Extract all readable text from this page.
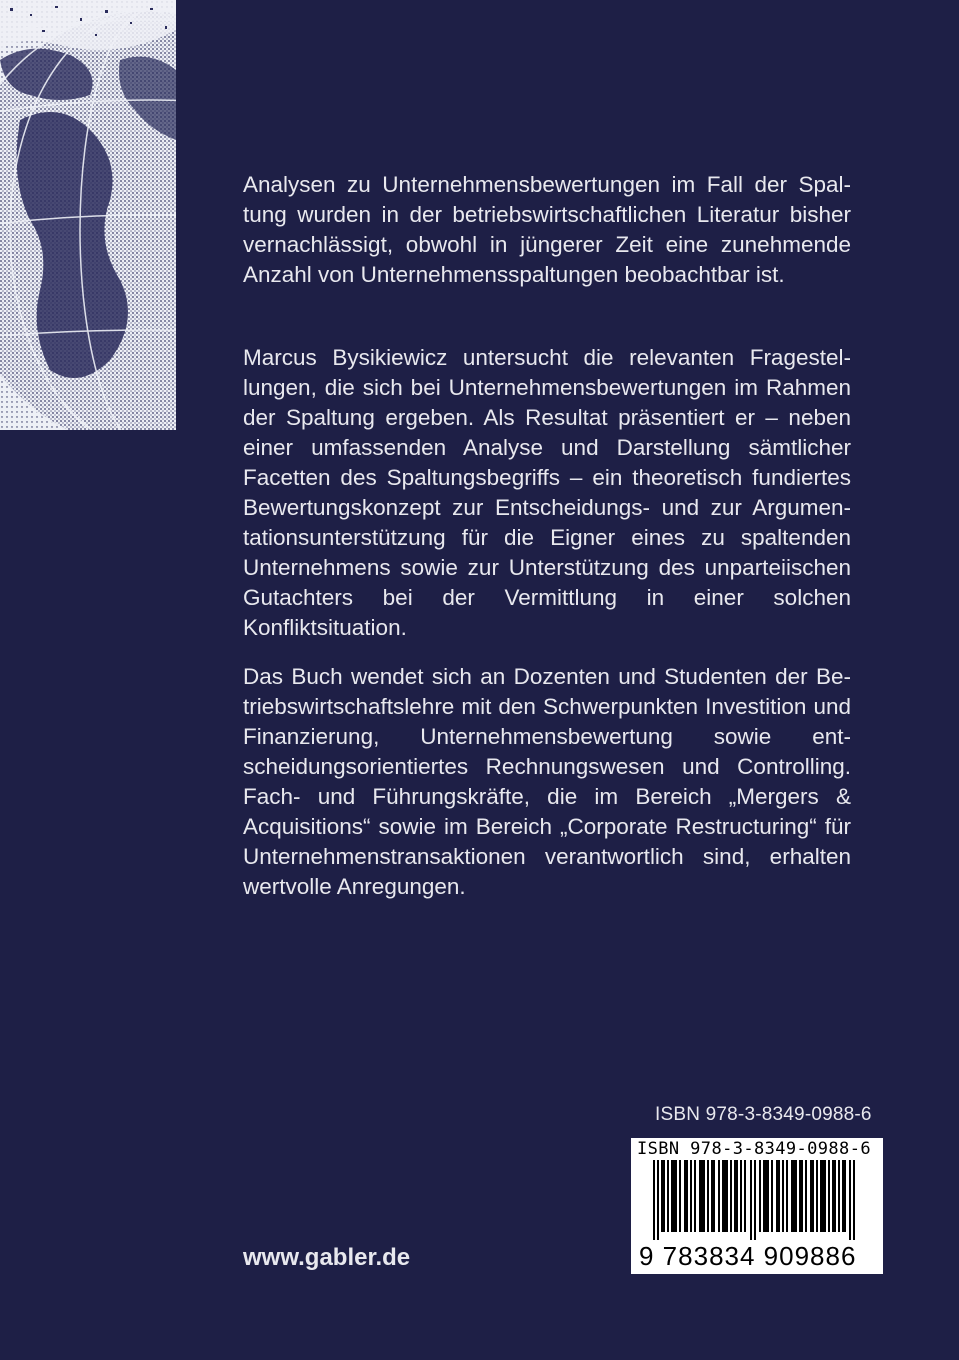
Analysen zu Unternehmensbewertungen im Fall der Spaltung wurden in der betriebswirtschaftlichen Literatur bisher vernachlässigt, obwohl in jüngerer Zeit eine zunehmende Anzahl von Unternehmensspaltungen beobachtbar ist.

Marcus Bysikiewicz untersucht die relevanten Fragestellungen, die sich bei Unternehmensbewertungen im Rahmen der Spaltung ergeben. Als Resultat präsentiert er – neben einer umfassenden Analyse und Darstellung sämtlicher Facetten des Spaltungsbegriffs – ein theoretisch fundiertes Bewertungskonzept zur Entscheidungs- und zur Argumentationsunterstützung für die Eigner eines zu spaltenden Unternehmens sowie zur Unterstützung des unparteiischen Gutachters bei der Vermittlung in einer solchen Konfliktsituation.

Das Buch wendet sich an Dozenten und Studenten der Betriebswirtschaftslehre mit den Schwerpunkten Investition und Finanzierung, Unternehmensbewertung sowie entscheidungsorientiertes Rechnungswesen und Controlling. Fach- und Führungskräfte, die im Bereich „Mergers & Acquisitions“ sowie im Bereich „Corporate Restructuring“ für Unternehmenstransaktionen verantwortlich sind, erhalten wertvolle Anregungen.

ISBN 978-3-8349-0988-6
ISBN 978-3-8349-0988-6
9 783834 909886
www.gabler.de
